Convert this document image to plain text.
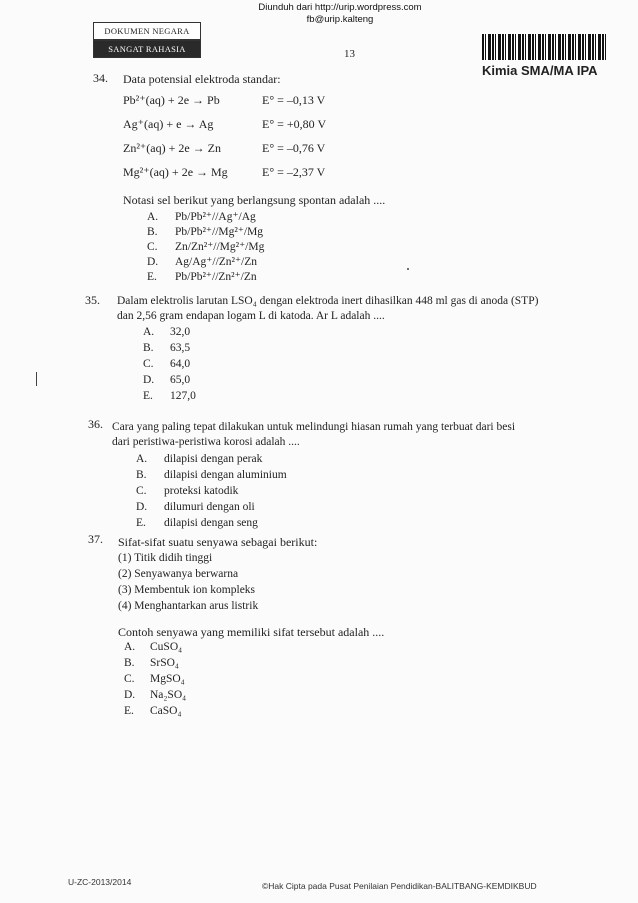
Diunduh dari http://urip.wordpress.com
fb@urip.kalteng
DOKUMEN NEGARA
SANGAT RAHASIA	13
Kimia SMA/MA IPA
34. Data potensial elektroda standar:
Pb²⁺(aq) + 2e → Pb	E° = –0,13 V
Ag⁺(aq) + e → Ag	E° = +0,80 V
Zn²⁺(aq) + 2e → Zn	E° = –0,76 V
Mg²⁺(aq) + 2e → Mg	E° = –2,37 V
Notasi sel berikut yang berlangsung spontan adalah ....
A. Pb/Pb²⁺//Ag⁺/Ag
B. Pb/Pb²⁺//Mg²⁺/Mg
C. Zn/Zn²⁺//Mg²⁺/Mg
D. Ag/Ag⁺//Zn²⁺/Zn
E. Pb/Pb²⁺//Zn²⁺/Zn
35. Dalam elektrolis larutan LSO₄ dengan elektroda inert dihasilkan 448 ml gas di anoda (STP)
dan 2,56 gram endapan logam L di katoda. Ar L adalah ....
A. 32,0
B. 63,5
C. 64,0
D. 65,0
E. 127,0
36. Cara yang paling tepat dilakukan untuk melindungi hiasan rumah yang terbuat dari besi
dari peristiwa-peristiwa korosi adalah ....
A. dilapisi dengan perak
B. dilapisi dengan aluminium
C. proteksi katodik
D. dilumuri dengan oli
E. dilapisi dengan seng
37. Sifat-sifat suatu senyawa sebagai berikut:
(1) Titik didih tinggi
(2) Senyawanya berwarna
(3) Membentuk ion kompleks
(4) Menghantarkan arus listrik
Contoh senyawa yang memiliki sifat tersebut adalah ....
A. CuSO₄
B. SrSO₄
C. MgSO₄
D. Na₂SO₄
E. CaSO₄
U-ZC-2013/2014	©Hak Cipta pada Pusat Penilaian Pendidikan-BALITBANG-KEMDIKBUD
